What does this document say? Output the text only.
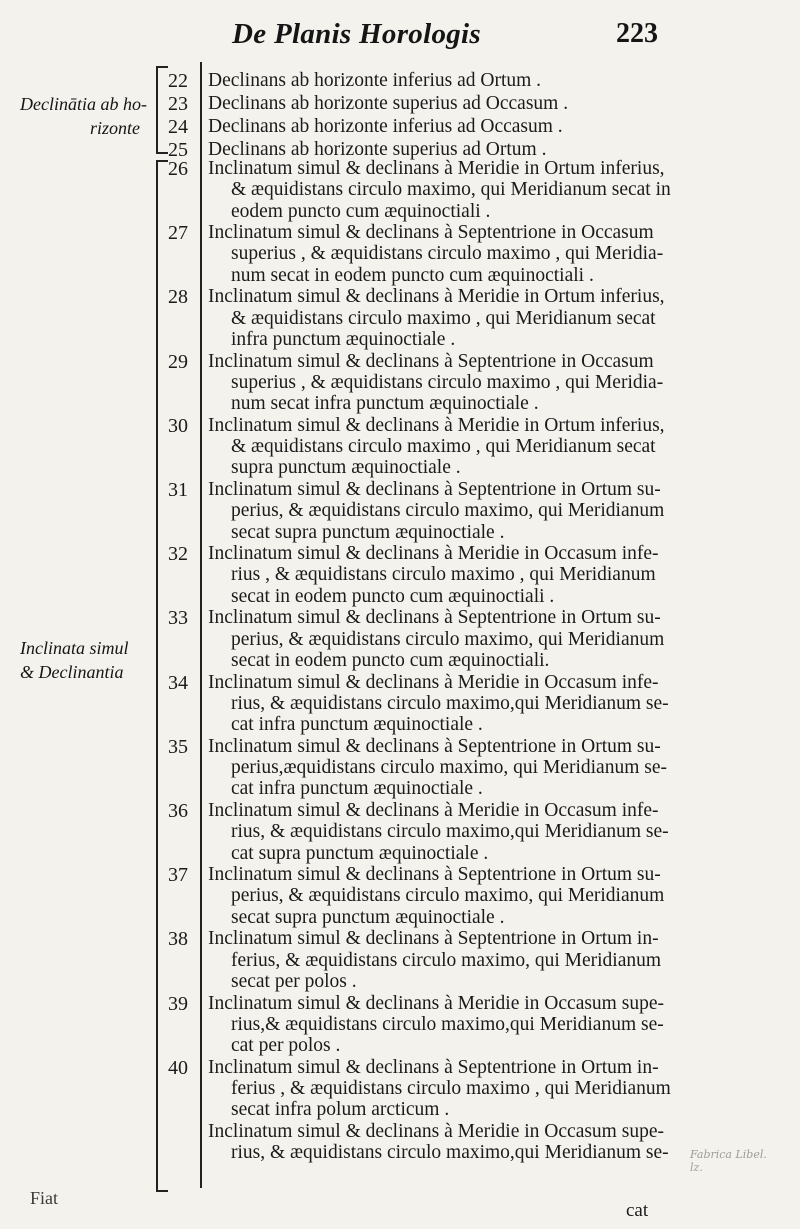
De Planis Horologis	223
Declinātia ab ho-
rizonte
Inclinata simul
& Declinantia
22	Declinans ab horizonte inferius ad Ortum .
23	Declinans ab horizonte superius ad Occasum .
24	Declinans ab horizonte inferius ad Occasum .
25	Declinans ab horizonte superius ad Ortum .
26	Inclinatum simul & declinans à Meridie in Ortum inferius,
& æquidistans circulo maximo, qui Meridianum secat in
eodem puncto cum æquinoctiali .
27	Inclinatum simul & declinans à Septentrione in Occasum
superius , & æquidistans circulo maximo , qui Meridia-
num secat in eodem puncto cum æquinoctiali .
28	Inclinatum simul & declinans à Meridie in Ortum inferius,
& æquidistans circulo maximo , qui Meridianum secat
infra punctum æquinoctiale .
29	Inclinatum simul & declinans à Septentrione in Occasum
superius , & æquidistans circulo maximo , qui Meridia-
num secat infra punctum æquinoctiale .
30	Inclinatum simul & declinans à Meridie in Ortum inferius,
& æquidistans circulo maximo , qui Meridianum secat
supra punctum æquinoctiale .
31	Inclinatum simul & declinans à Septentrione in Ortum su-
perius, & æquidistans circulo maximo, qui Meridianum
secat supra punctum æquinoctiale .
32	Inclinatum simul & declinans à Meridie in Occasum infe-
rius , & æquidistans circulo maximo , qui Meridianum
secat in eodem puncto cum æquinoctiali .
33	Inclinatum simul & declinans à Septentrione in Ortum su-
perius, & æquidistans circulo maximo, qui Meridianum
secat in eodem puncto cum æquinoctiali.
34	Inclinatum simul & declinans à Meridie in Occasum infe-
rius, & æquidistans circulo maximo,qui Meridianum se-
cat infra punctum æquinoctiale .
35	Inclinatum simul & declinans à Septentrione in Ortum su-
perius,æquidistans circulo maximo, qui Meridianum se-
cat infra punctum æquinoctiale .
36	Inclinatum simul & declinans à Meridie in Occasum infe-
rius, & æquidistans circulo maximo,qui Meridianum se-
cat supra punctum æquinoctiale .
37	Inclinatum simul & declinans à Septentrione in Ortum su-
perius, & æquidistans circulo maximo, qui Meridianum
secat supra punctum æquinoctiale .
38	Inclinatum simul & declinans à Septentrione in Ortum in-
ferius, & æquidistans circulo maximo, qui Meridianum
secat per polos .
39	Inclinatum simul & declinans à Meridie in Occasum supe-
rius,& æquidistans circulo maximo,qui Meridianum se-
cat per polos .
40	Inclinatum simul & declinans à Septentrione in Ortum in-
ferius , & æquidistans circulo maximo , qui Meridianum
secat infra polum arcticum .
Inclinatum simul & declinans à Meridie in Occasum supe-
rius, & æquidistans circulo maximo,qui Meridianum se-
cat
Fiat
Fabrica Libel.
lz.
